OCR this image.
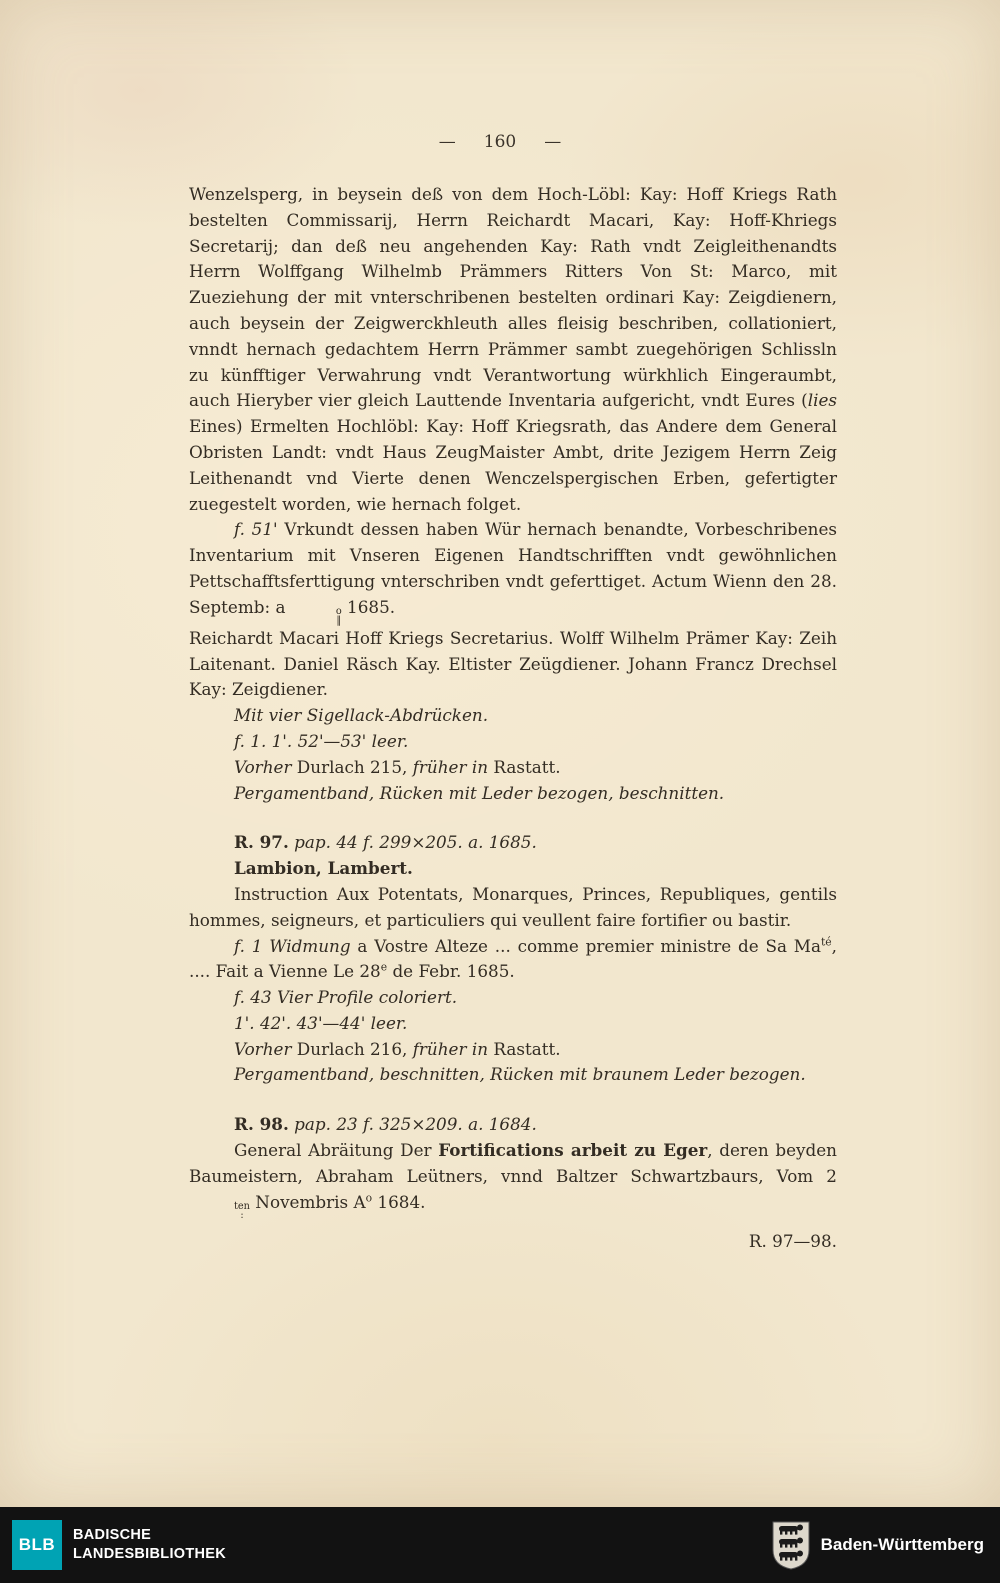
— 160 —

Wenzelsperg, in beysein deß von dem Hoch-Löbl: Kay: Hoff Kriegs Rath bestelten Commissarij, Herrn Reichardt Macari, Kay: Hoff-Khriegs Secretarij; dan deß neu angehenden Kay: Rath vndt Zeigleithenandts Herrn Wolffgang Wilhelmb Prämmers Ritters Von St: Marco, mit Zueziehung der mit vnterschribenen bestelten ordinari Kay: Zeigdienern, auch beysein der Zeigwerckhleuth alles fleisig beschriben, collationiert, vnndt hernach gedachtem Herrn Prämmer sambt zuegehörigen Schlissln zu künfftiger Verwahrung vndt Verantwortung würkhlich Eingeraumbt, auch Hieryber vier gleich Lauttende Inventaria aufgericht, vndt Eures (lies Eines) Ermelten Hochlöbl: Kay: Hoff Kriegsrath, das Andere dem General Obristen Landt: vndt Haus ZeugMaister Ambt, drite Jezigem Herrn Zeig Leithenandt vnd Vierte denen Wenczelspergischen Erben, gefertigter zuegestelt worden, wie hernach folget.

f. 51' Vrkundt dessen haben Wür hernach benandte, Vorbeschribenes Inventarium mit Vnseren Eigenen Handtschrifften vndt gewöhnlichen Pettschafftsferttigung vnterschriben vndt geferttiget. Actum Wienn den 28. Septemb: a	o
‖
1685.

Reichardt Macari Hoff Kriegs Secretarius. Wolff Wilhelm Prämer Kay: Zeih Laitenant. Daniel Räsch Kay. Eltister Zeügdiener. Johann Francz Drechsel Kay: Zeigdiener.

Mit vier Sigellack-Abdrücken.

f. 1. 1'. 52'—53' leer.

Vorher Durlach 215, früher in Rastatt.

Pergamentband, Rücken mit Leder bezogen, beschnitten.

R. 97. pap. 44 f. 299×205. a. 1685.

Lambion, Lambert.

Instruction Aux Potentats, Monarques, Princes, Republiques, gentils hommes, seigneurs, et particuliers qui veullent faire fortifier ou bastir.

f. 1 Widmung a Vostre Alteze ... comme premier ministre de Sa $Ma^{té}$, .... Fait a Vienne Le 28e de Febr. 1685.

f. 43 Vier Profile coloriert.

1'. 42'. 43'—44' leer.

Vorher Durlach 216, früher in Rastatt.

Pergamentband, beschnitten, Rücken mit braunem Leder bezogen.

R. 98. pap. 23 f. 325×209. a. 1684.

General Abräitung Der Fortifications arbeit zu Eger, deren beyden Baumeistern, Abraham Leütners, vnnd Baltzer Schwartzbaurs, Vom 2
ten
:
Novembris $A^o$ 1684.

R. 97—98.

BLB BADISCHE
LANDESBIBLIOTHEK	Baden-Württemberg
